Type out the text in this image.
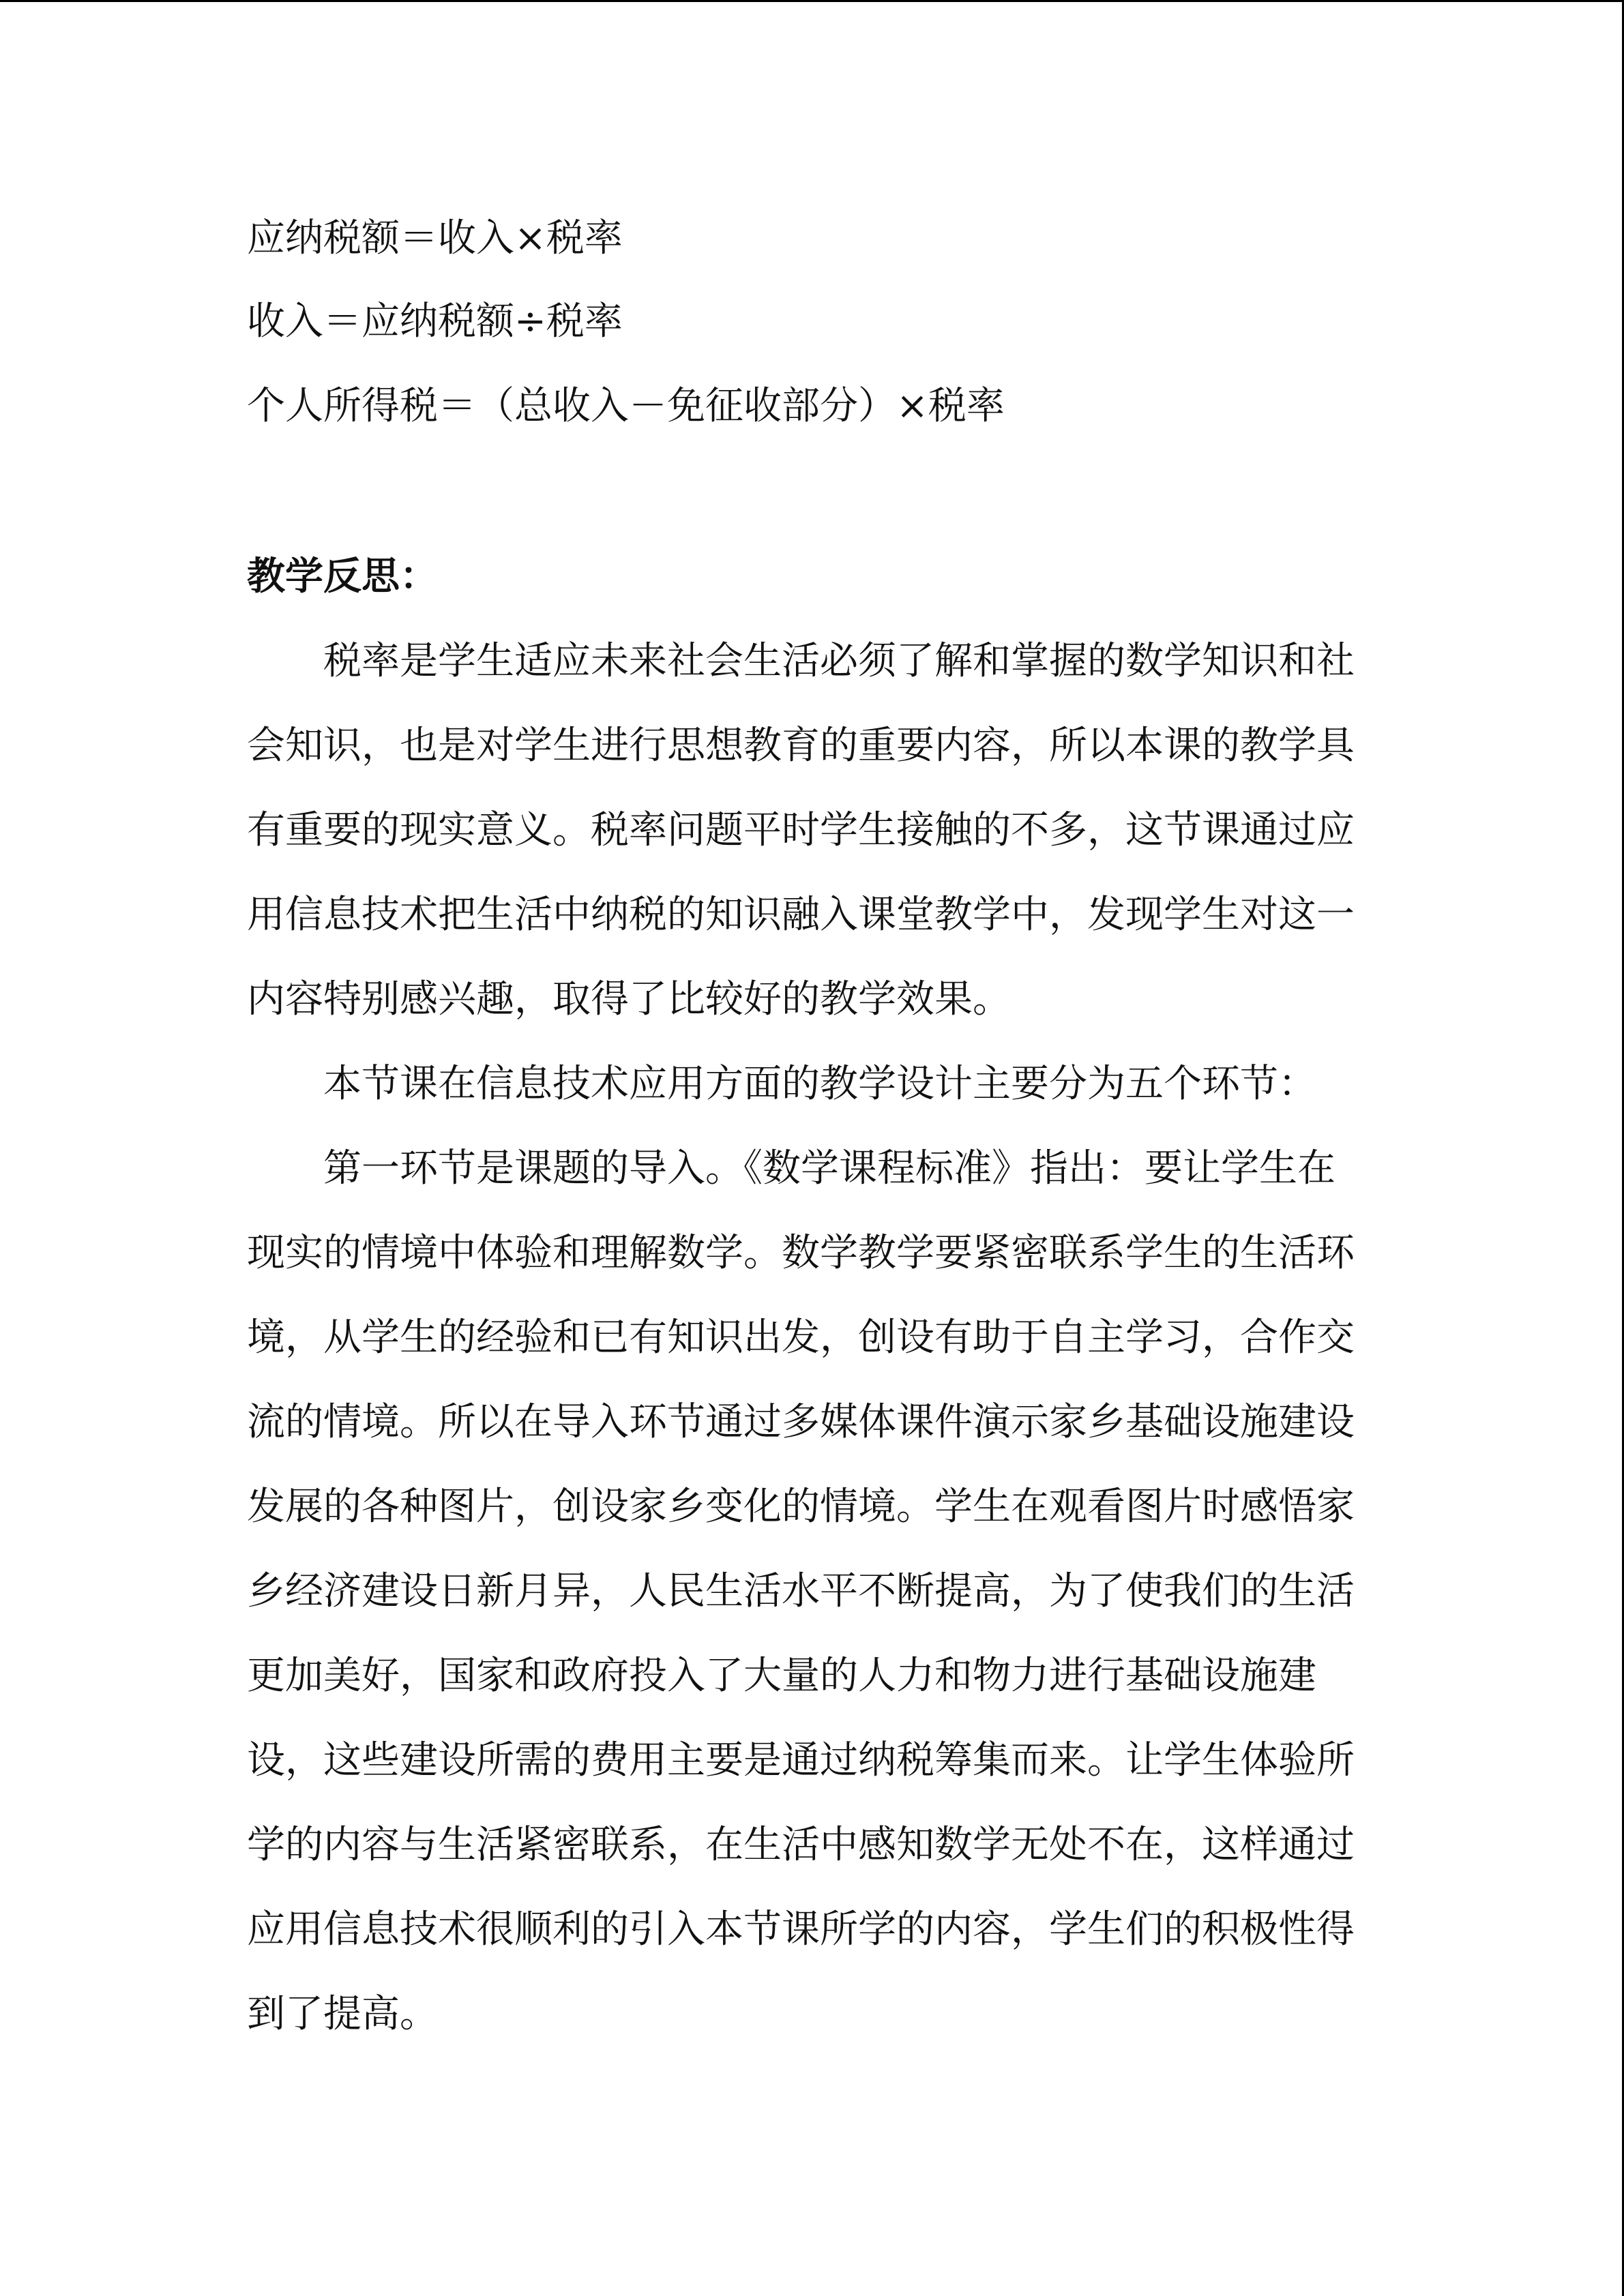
应纳税额＝收入×税率
收入＝应纳税额÷税率
个人所得税＝（总收入－免征收部分）×税率
教学反思：
税率是学生适应未来社会生活必须了解和掌握的数学知识和社
会知识，也是对学生进行思想教育的重要内容，所以本课的教学具
有重要的现实意义。税率问题平时学生接触的不多，这节课通过应
用信息技术把生活中纳税的知识融入课堂教学中，发现学生对这一
内容特别感兴趣，取得了比较好的教学效果。
本节课在信息技术应用方面的教学设计主要分为五个环节：
第一环节是课题的导入。《数学课程标准》指出：要让学生在
现实的情境中体验和理解数学。数学教学要紧密联系学生的生活环
境，从学生的经验和已有知识出发，创设有助于自主学习，合作交
流的情境。所以在导入环节通过多媒体课件演示家乡基础设施建设
发展的各种图片，创设家乡变化的情境。学生在观看图片时感悟家
乡经济建设日新月异，人民生活水平不断提高，为了使我们的生活
更加美好，国家和政府投入了大量的人力和物力进行基础设施建
设，这些建设所需的费用主要是通过纳税筹集而来。让学生体验所
学的内容与生活紧密联系，在生活中感知数学无处不在，这样通过
应用信息技术很顺利的引入本节课所学的内容，学生们的积极性得
到了提高。
